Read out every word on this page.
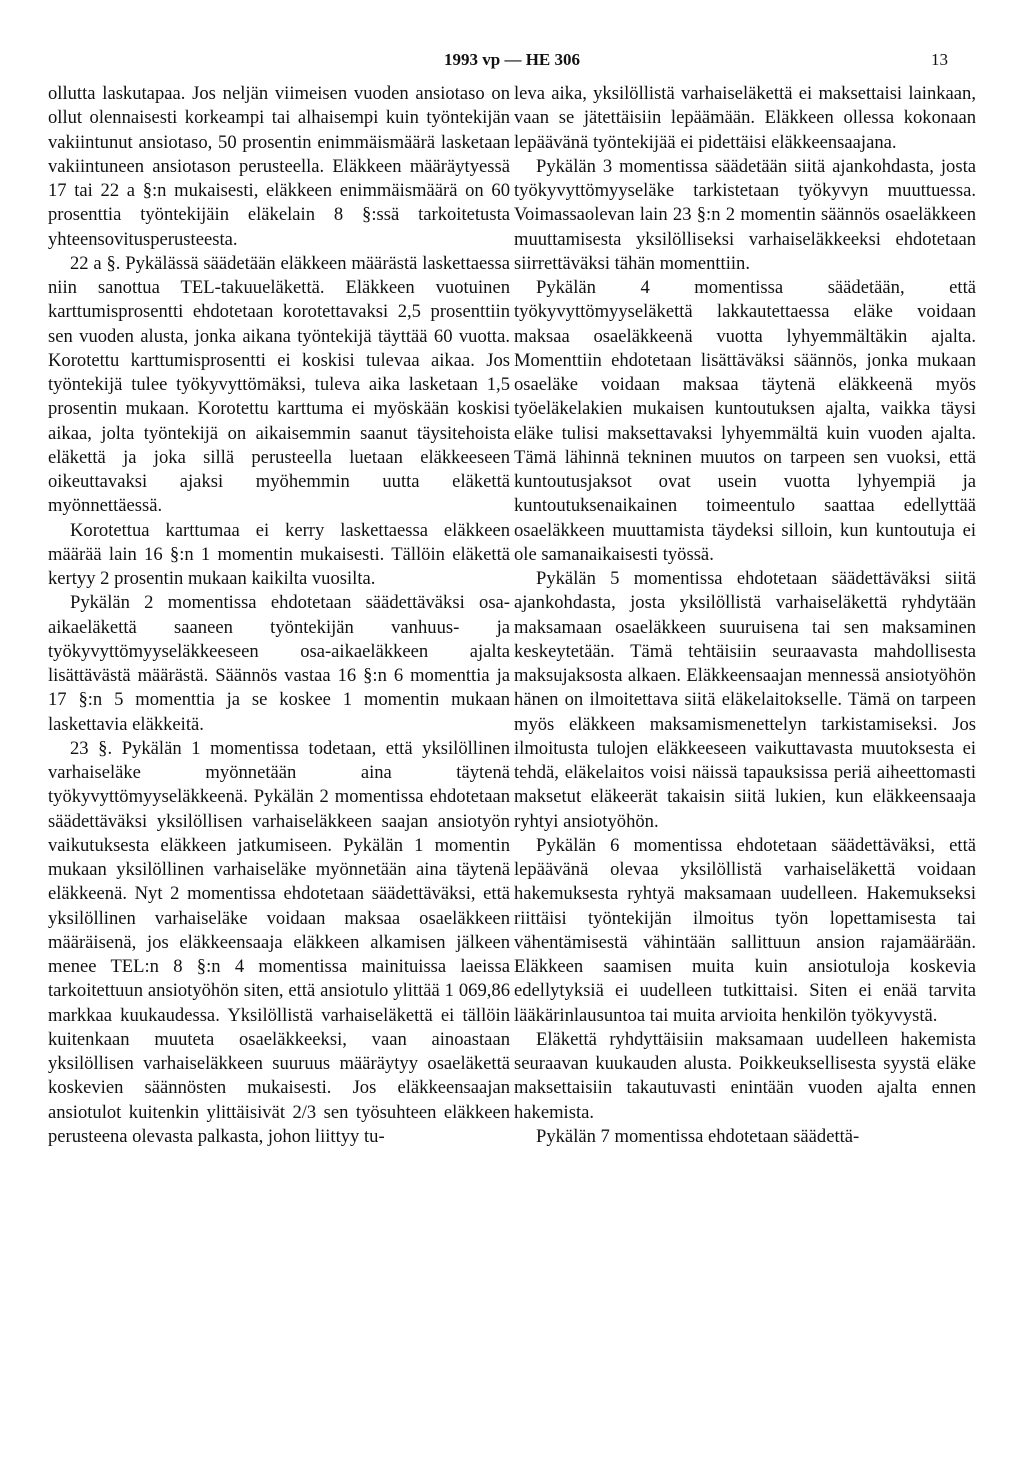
1993 vp — HE 306	13

ollutta laskutapaa. Jos neljän viimeisen vuoden ansiotaso on ollut olennaisesti korkeampi tai alhaisempi kuin työntekijän vakiintunut ansiotaso, 50 prosentin enimmäismäärä lasketaan vakiintuneen ansiotason perusteella. Eläkkeen määräytyessä 17 tai 22 a §:n mukaisesti, eläkkeen enimmäismäärä on 60 prosenttia työntekijäin eläkelain 8 §:ssä tarkoitetusta yhteensovitusperusteesta.

22 a §. Pykälässä säädetään eläkkeen määrästä laskettaessa niin sanottua TEL-takuueläkettä. Eläkkeen vuotuinen karttumisprosentti ehdotetaan korotettavaksi 2,5 prosenttiin sen vuoden alusta, jonka aikana työntekijä täyttää 60 vuotta. Korotettu karttumisprosentti ei koskisi tulevaa aikaa. Jos työntekijä tulee työkyvyttömäksi, tuleva aika lasketaan 1,5 prosentin mukaan. Korotettu karttuma ei myöskään koskisi aikaa, jolta työntekijä on aikaisemmin saanut täysitehoista eläkettä ja joka sillä perusteella luetaan eläkkeeseen oikeuttavaksi ajaksi myöhemmin uutta eläkettä myönnettäessä.

Korotettua karttumaa ei kerry laskettaessa eläkkeen määrää lain 16 §:n 1 momentin mukaisesti. Tällöin eläkettä kertyy 2 prosentin mukaan kaikilta vuosilta.

Pykälän 2 momentissa ehdotetaan säädettäväksi osa-aikaeläkettä saaneen työntekijän vanhuus- ja työkyvyttömyyseläkkeeseen osa-aikaeläkkeen ajalta lisättävästä määrästä. Säännös vastaa 16 §:n 6 momenttia ja 17 §:n 5 momenttia ja se koskee 1 momentin mukaan laskettavia eläkkeitä.

23 §. Pykälän 1 momentissa todetaan, että yksilöllinen varhaiseläke myönnetään aina täytenä työkyvyttömyyseläkkeenä. Pykälän 2 momentissa ehdotetaan säädettäväksi yksilöllisen varhaiseläkkeen saajan ansiotyön vaikutuksesta eläkkeen jatkumiseen. Pykälän 1 momentin mukaan yksilöllinen varhaiseläke myönnetään aina täytenä eläkkeenä. Nyt 2 momentissa ehdotetaan säädettäväksi, että yksilöllinen varhaiseläke voidaan maksaa osaeläkkeen määräisenä, jos eläkkeensaaja eläkkeen alkamisen jälkeen menee TEL:n 8 §:n 4 momentissa mainituissa laeissa tarkoitettuun ansiotyöhön siten, että ansiotulo ylittää 1 069,86 markkaa kuukaudessa. Yksilöllistä varhaiseläkettä ei tällöin kuitenkaan muuteta osaeläkkeeksi, vaan ainoastaan yksilöllisen varhaiseläkkeen suuruus määräytyy osaeläkettä koskevien säännösten mukaisesti. Jos eläkkeensaajan ansiotulot kuitenkin ylittäisivät 2/3 sen työsuhteen eläkkeen perusteena olevasta palkasta, johon liittyy tu-

leva aika, yksilöllistä varhaiseläkettä ei maksettaisi lainkaan, vaan se jätettäisiin lepäämään. Eläkkeen ollessa kokonaan lepäävänä työntekijää ei pidettäisi eläkkeensaajana.

Pykälän 3 momentissa säädetään siitä ajankohdasta, josta työkyvyttömyyseläke tarkistetaan työkyvyn muuttuessa. Voimassaolevan lain 23 §:n 2 momentin säännös osaeläkkeen muuttamisesta yksilölliseksi varhaiseläkkeeksi ehdotetaan siirrettäväksi tähän momenttiin.

Pykälän 4 momentissa säädetään, että työkyvyttömyyseläkettä lakkautettaessa eläke voidaan maksaa osaeläkkeenä vuotta lyhyemmältäkin ajalta. Momenttiin ehdotetaan lisättäväksi säännös, jonka mukaan osaeläke voidaan maksaa täytenä eläkkeenä myös työeläkelakien mukaisen kuntoutuksen ajalta, vaikka täysi eläke tulisi maksettavaksi lyhyemmältä kuin vuoden ajalta. Tämä lähinnä tekninen muutos on tarpeen sen vuoksi, että kuntoutusjaksot ovat usein vuotta lyhyempiä ja kuntoutuksenaikainen toimeentulo saattaa edellyttää osaeläkkeen muuttamista täydeksi silloin, kun kuntoutuja ei ole samanaikaisesti työssä.

Pykälän 5 momentissa ehdotetaan säädettäväksi siitä ajankohdasta, josta yksilöllistä varhaiseläkettä ryhdytään maksamaan osaeläkkeen suuruisena tai sen maksaminen keskeytetään. Tämä tehtäisiin seuraavasta mahdollisesta maksujaksosta alkaen. Eläkkeensaajan mennessä ansiotyöhön hänen on ilmoitettava siitä eläkelaitokselle. Tämä on tarpeen myös eläkkeen maksamismenettelyn tarkistamiseksi. Jos ilmoitusta tulojen eläkkeeseen vaikuttavasta muutoksesta ei tehdä, eläkelaitos voisi näissä tapauksissa periä aiheettomasti maksetut eläkeerät takaisin siitä lukien, kun eläkkeensaaja ryhtyi ansiotyöhön.

Pykälän 6 momentissa ehdotetaan säädettäväksi, että lepäävänä olevaa yksilöllistä varhaiseläkettä voidaan hakemuksesta ryhtyä maksamaan uudelleen. Hakemukseksi riittäisi työntekijän ilmoitus työn lopettamisesta tai vähentämisestä vähintään sallittuun ansion rajamäärään. Eläkkeen saamisen muita kuin ansiotuloja koskevia edellytyksiä ei uudelleen tutkittaisi. Siten ei enää tarvita lääkärinlausuntoa tai muita arvioita henkilön työkyvystä.

Eläkettä ryhdyttäisiin maksamaan uudelleen hakemista seuraavan kuukauden alusta. Poikkeuksellisesta syystä eläke maksettaisiin takautuvasti enintään vuoden ajalta ennen hakemista.

Pykälän 7 momentissa ehdotetaan säädettä-
